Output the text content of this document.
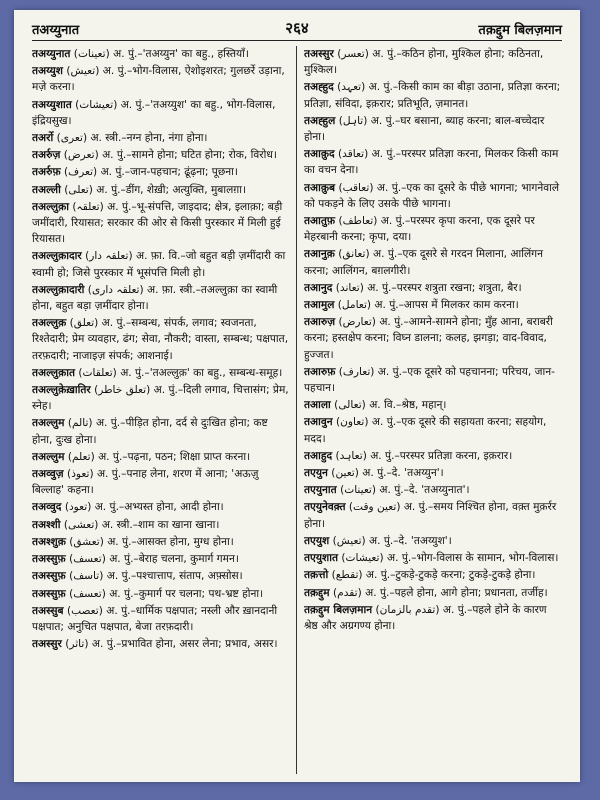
तअय्युनात	२६४	तक़द्दुम बिलज़मान
तअय्युनात (تعینات) अ. पुं.–'तअय्युन' का बहु., हस्तियाँ।
तअय्युश (تعیش) अ. पुं.–भोग-विलास, ऐशोइशरत; गुलछर्रे उड़ाना, मज़े करना।
तअय्युशात (تعیشات) अ. पुं.–'तअय्युश' का बहु., भोग-विलास, इंद्रियसुख।
तअर्रो (تعری) अ. स्त्री.–नग्न होना, नंगा होना।
तअर्रुज़ (تعرض) अ. पुं.–सामने होना; घटित होना; रोक, विरोध।
तअर्रुफ़ (تعرف) अ. पुं.–जान-पहचान; ढूंढ़ना; पूछना।
तअल्ली (تعلی) अ. पुं.–डींग, शेख़ी; अत्युक्ति, मुबालग़ा।
तअल्लुक़ा (تعلقہ) अ. पुं.–भू-संपत्ति, जाइदाद; क्षेत्र, इलाक़ा; बड़ी जमींदारी, रियासत; सरकार की ओर से किसी पुरस्कार में मिली हुई रियासत।
तअल्लुक़ादार (تعلقہ دار) अ. फ़ा. वि.–जो बहुत बड़ी ज़मींदारी का स्वामी हो; जिसे पुरस्कार में भूसंपत्ति मिली हो।
तअल्लुक़ादारी (تعلقہ داری) अ. फ़ा. स्त्री.–तअल्लुक़ा का स्वामी होना, बहुत बड़ा ज़मींदार होना।
तअल्लुक़ (تعلق) अ. पुं.–सम्बन्ध, संपर्क, लगाव; स्वजनता, रिश्तेदारी; प्रेम व्यवहार, ढंग; सेवा, नौकरी; वास्ता, सम्बन्ध; पक्षपात, तरफ़दारी; नाजाइज़ संपर्क; आशनाई।
तअल्लुक़ात (تعلقات) अ. पुं.–'तअल्लुक़' का बहु., सम्बन्ध-समूह।
तअल्लुक़ेख़ातिर (تعلق خاطر) अ. पुं.–दिली लगाव, चित्तासंग; प्रेम, स्नेह।
तअल्लुम (تالم) अ. पुं.–पीड़ित होना, दर्द से दुःखित होना; कष्ट होना, दुःख होना।
तअल्लुम (تعلم) अ. पुं.–पढ़ना, पठन; शिक्षा प्राप्त करना।
तअव्वुज़ (تعوذ) अ. पुं.–पनाह लेना, शरण में आना; 'अऊज़ु बिल्लाह' कहना।
तअव्वुद (تعود) अ. पुं.–अभ्यस्त होना, आदी होना।
तअश्शी (تعشی) अ. स्त्री.–शाम का खाना खाना।
तअश्शुक़ (تعشق) अ. पुं.–आसक्त होना, मुग्ध होना।
तअस्सुफ़ (تعسف) अ. पुं.–बेराह चलना, कुमार्ग गमन।
तअस्सुफ़ (تاسف) अ. पुं.–पश्चात्ताप, संताप, अफ़्सोस।
तअस्सुफ़ (تعسف) अ. पुं.–कुमार्ग पर चलना; पथ-भ्रष्ट होना।
तअस्सुब (تعصب) अ. पुं.–धार्मिक पक्षपात; नस्ली और ख़ानदानी पक्षपात; अनुचित पक्षपात, बेजा तरफ़दारी।
तअस्सुर (تاثر) अ. पुं.–प्रभावित होना, असर लेना; प्रभाव, असर।
तअस्सुर (تعسر) अ. पुं.–कठिन होना, मुश्किल होना; कठिनता, मुश्किल।
तअह्हुद (تعہد) अ. पुं.–किसी काम का बीड़ा उठाना, प्रतिज्ञा करना; प्रतिज्ञा, संविदा, इक़रार; प्रतिभूति, ज़मानत।
तअह्हुल (تاہل) अ. पुं.–घर बसाना, ब्याह करना; बाल-बच्चेदार होना।
तआक़ुद (تعاقد) अ. पुं.–परस्पर प्रतिज्ञा करना, मिलकर किसी काम का वचन देना।
तआक़ुब (تعاقب) अ. पुं.–एक का दूसरे के पीछे भागना; भागनेवाले को पकड़ने के लिए उसके पीछे भागना।
तआतुफ़ (تعاطف) अ. पुं.–परस्पर कृपा करना, एक दूसरे पर मेहरबानी करना; कृपा, दया।
तआनुक़ (تعانق) अ. पुं.–एक दूसरे से गरदन मिलाना, आलिंगन करना; आलिंगन, बग़लगीरी।
तआनुद (تعاند) अ. पुं.–परस्पर शत्रुता रखना; शत्रुता, बैर।
तआमुल (تعامل) अ. पुं.–आपस में मिलकर काम करना।
तआरुज़ (تعارض) अ. पुं.–आमने-सामने होना; मुँह आना, बराबरी करना; हस्तक्षेप करना; विघ्न डालना; कलह, झगड़ा; वाद-विवाद, हुज्जत।
तआरुफ़ (تعارف) अ. पुं.–एक दूसरे को पहचानना; परिचय, जान-पहचान।
तआला (تعالی) अ. वि.–श्रेष्ठ, महान्।
तआवुन (تعاون) अ. पुं.–एक दूसरे की सहायता करना; सहयोग, मदद।
तआहुद (تعاہد) अ. पुं.–परस्पर प्रतिज्ञा करना, इक़रार।
तएयुन (تعین) अ. पुं.–दे. 'तअय्युन'।
तएयुनात (تعینات) अ. पुं.–दे. 'तअय्युनात'।
तएयुनेवक़्त (تعین وقت) अ. पुं.–समय निश्चित होना, वक़्त मुक़र्रर होना।
तएयुश (تعیش) अ. पुं.–दे. 'तअय्युश'।
तएयुशात (تعیشات) अ. पुं.–भोग-विलास के सामान, भोग-विलास।
तक़त्तो (تقطع) अ. पुं.–टुकड़े-टुकड़े करना; टुकड़े-टुकड़े होना।
तक़द्दुम (تقدم) अ. पुं.–पहले होना, आगे होना; प्रधानता, तर्जीह।
तक़द्दुम बिलज़मान (تقدم بالزمان) अ. पुं.–पहले होने के कारण श्रेष्ठ और अग्रगण्य होना।
